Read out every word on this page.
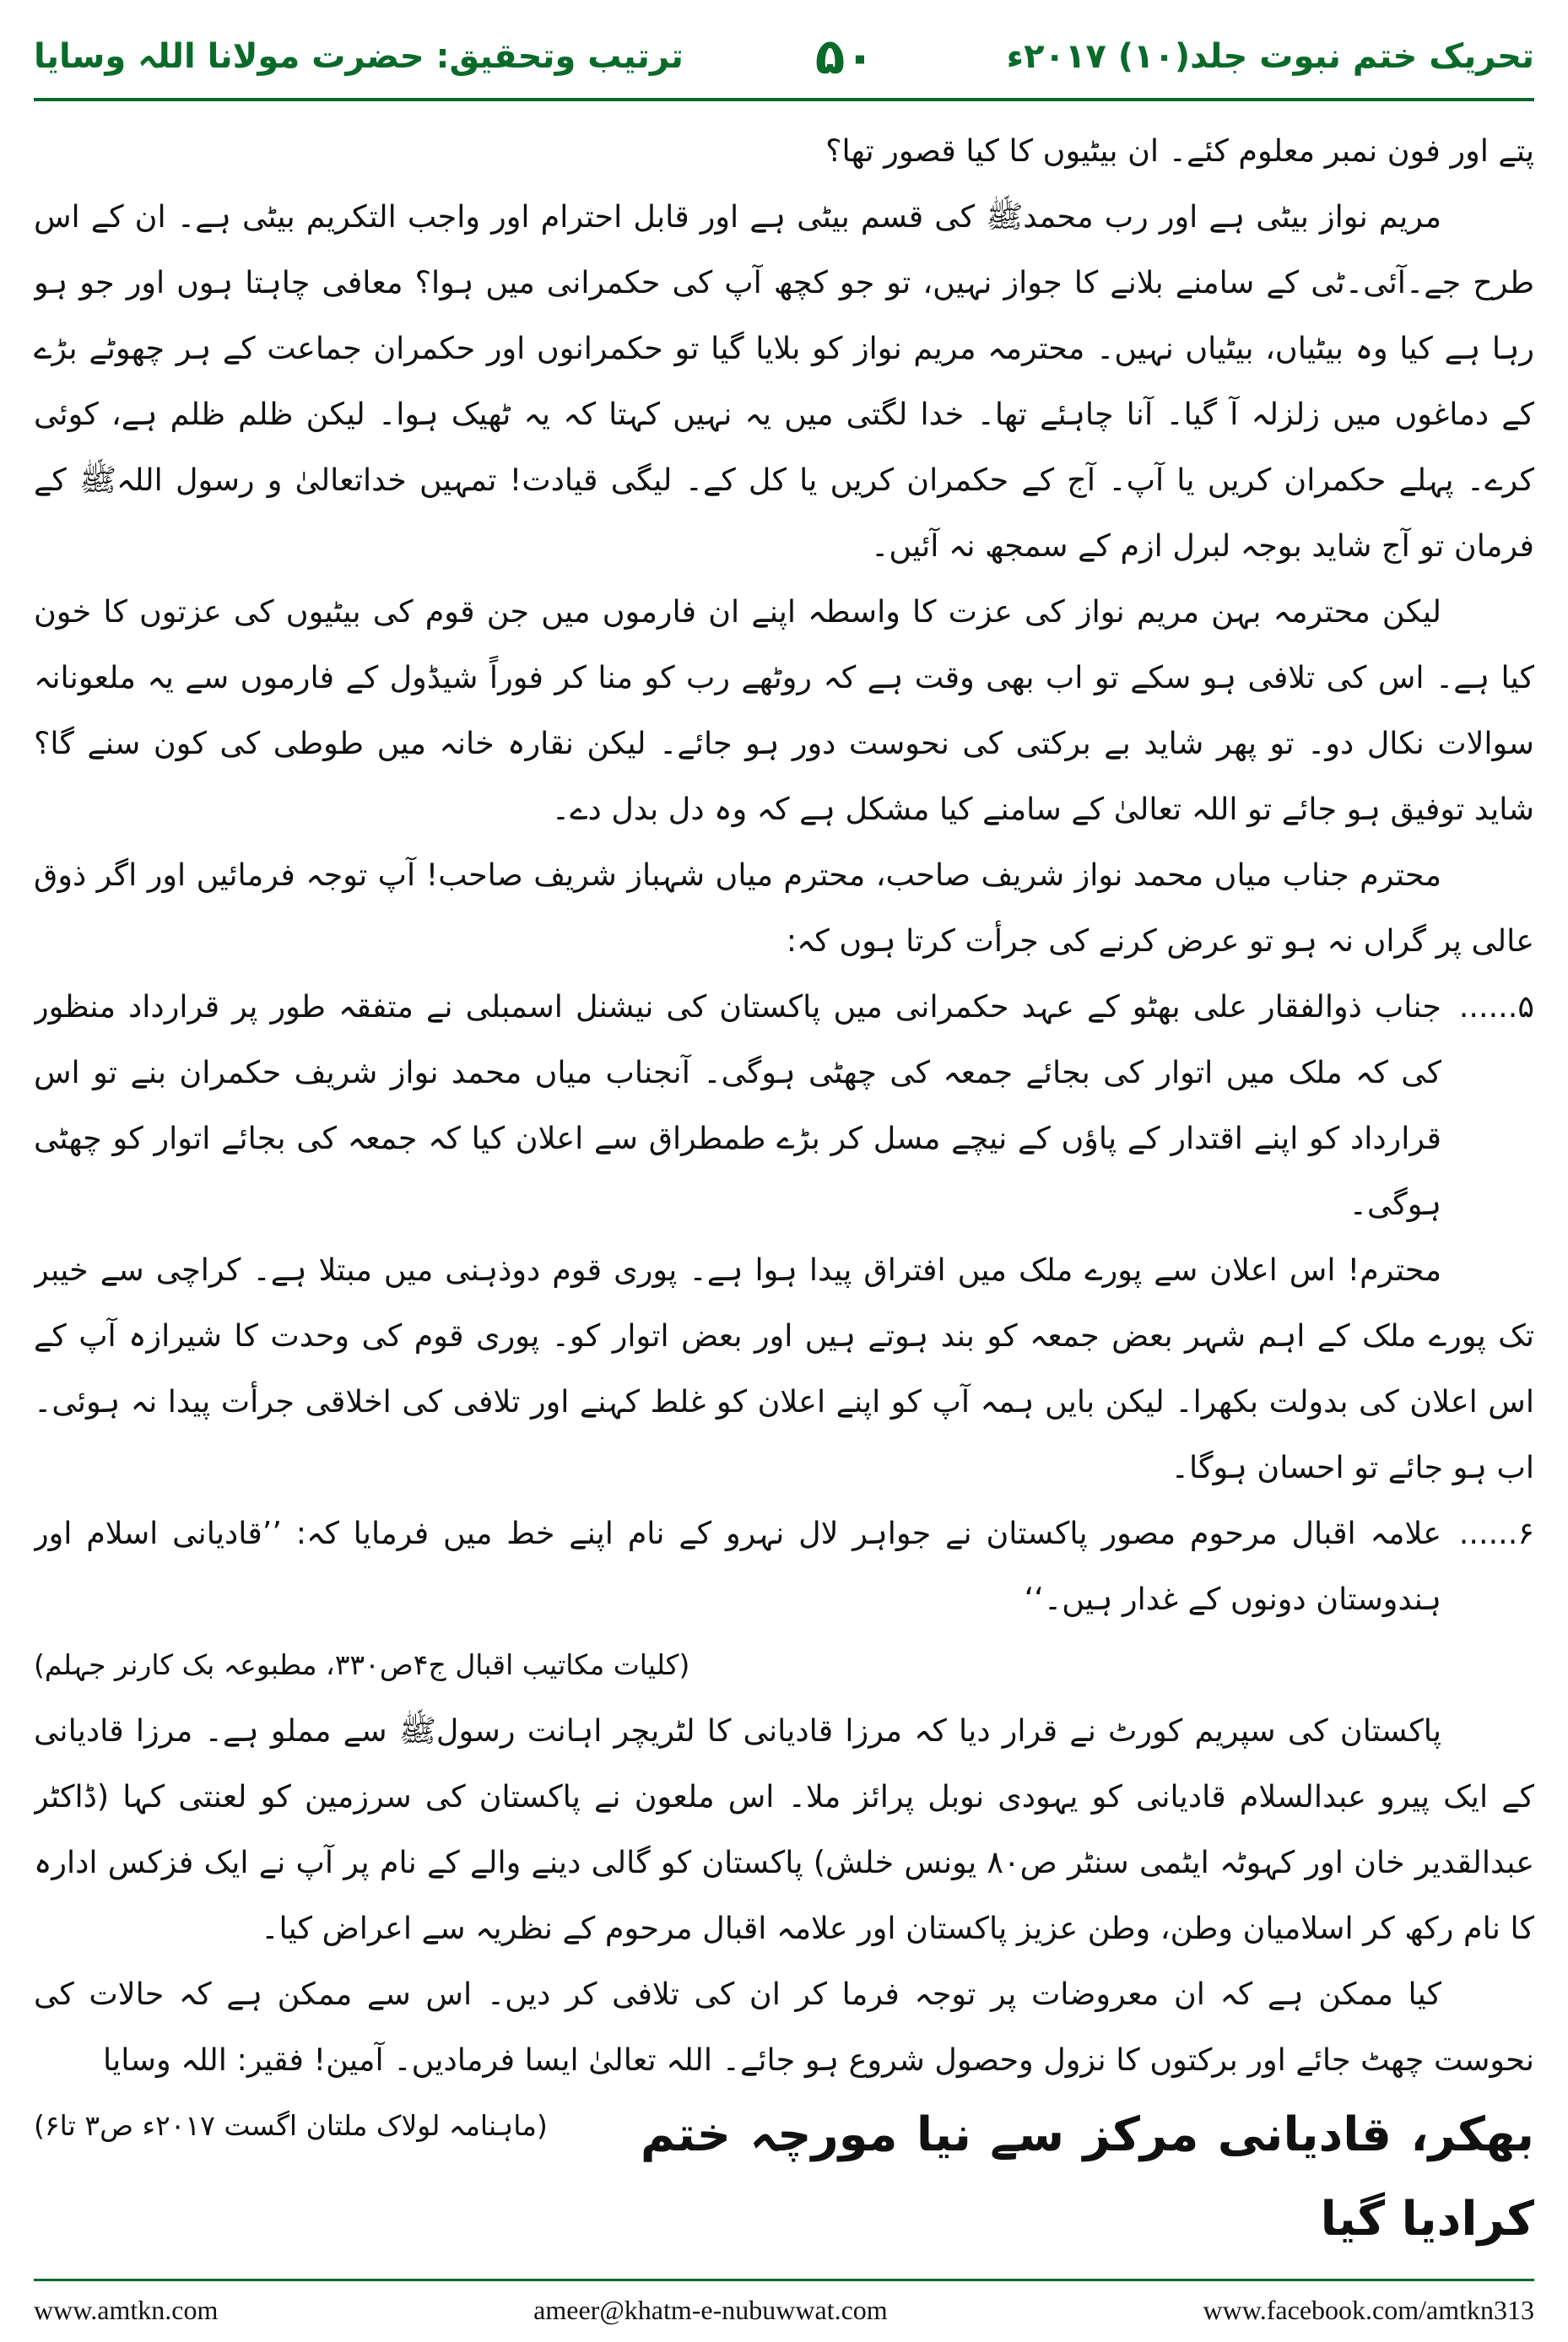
ترتیب وتحقیق: حضرت مولانا اللہ وسایا	۵۰	تحریک ختم نبوت جلد(۱۰) ۲۰۱۷ء

پتے اور فون نمبر معلوم کئے۔ ان بیٹیوں کا کیا قصور تھا؟

مریم نواز بیٹی ہے اور رب محمدﷺ کی قسم بیٹی ہے اور قابل احترام اور واجب التکریم بیٹی ہے۔ ان کے اس طرح جے۔آئی۔ٹی کے سامنے بلانے کا جواز نہیں، تو جو کچھ آپ کی حکمرانی میں ہوا؟ معافی چاہتا ہوں اور جو ہو رہا ہے کیا وہ بیٹیاں، بیٹیاں نہیں۔ محترمہ مریم نواز کو بلایا گیا تو حکمرانوں اور حکمران جماعت کے ہر چھوٹے بڑے کے دماغوں میں زلزلہ آ گیا۔ آنا چاہئے تھا۔ خدا لگتی میں یہ نہیں کہتا کہ یہ ٹھیک ہوا۔ لیکن ظلم ظلم ہے، کوئی کرے۔ پہلے حکمران کریں یا آپ۔ آج کے حکمران کریں یا کل کے۔ لیگی قیادت! تمہیں خداتعالیٰ و رسول اللہﷺ کے فرمان تو آج شاید بوجہ لبرل ازم کے سمجھ نہ آئیں۔

لیکن محترمہ بہن مریم نواز کی عزت کا واسطہ اپنے ان فارموں میں جن قوم کی بیٹیوں کی عزتوں کا خون کیا ہے۔ اس کی تلافی ہو سکے تو اب بھی وقت ہے کہ روٹھے رب کو منا کر فوراً شیڈول کے فارموں سے یہ ملعونانہ سوالات نکال دو۔ تو پھر شاید بے برکتی کی نحوست دور ہو جائے۔ لیکن نقارہ خانہ میں طوطی کی کون سنے گا؟ شاید توفیق ہو جائے تو اللہ تعالیٰ کے سامنے کیا مشکل ہے کہ وہ دل بدل دے۔

محترم جناب میاں محمد نواز شریف صاحب، محترم میاں شہباز شریف صاحب! آپ توجہ فرمائیں اور اگر ذوق عالی پر گراں نہ ہو تو عرض کرنے کی جرأت کرتا ہوں کہ:

۵......
جناب ذوالفقار علی بھٹو کے عہد حکمرانی میں پاکستان کی نیشنل اسمبلی نے متفقہ طور پر قرارداد منظور کی کہ ملک میں اتوار کی بجائے جمعہ کی چھٹی ہوگی۔ آنجناب میاں محمد نواز شریف حکمران بنے تو اس قرارداد کو اپنے اقتدار کے پاؤں کے نیچے مسل کر بڑے طمطراق سے اعلان کیا کہ جمعہ کی بجائے اتوار کو چھٹی ہوگی۔

محترم! اس اعلان سے پورے ملک میں افتراق پیدا ہوا ہے۔ پوری قوم دوذہنی میں مبتلا ہے۔ کراچی سے خیبر تک پورے ملک کے اہم شہر بعض جمعہ کو بند ہوتے ہیں اور بعض اتوار کو۔ پوری قوم کی وحدت کا شیرازہ آپ کے اس اعلان کی بدولت بکھرا۔ لیکن بایں ہمہ آپ کو اپنے اعلان کو غلط کہنے اور تلافی کی اخلاقی جرأت پیدا نہ ہوئی۔ اب ہو جائے تو احسان ہوگا۔

۶......
علامہ اقبال مرحوم مصور پاکستان نے جواہر لال نہرو کے نام اپنے خط میں فرمایا کہ: ’’قادیانی اسلام اور ہندوستان دونوں کے غدار ہیں۔‘‘
(کلیات مکاتیب اقبال ج۴ص۳۳۰، مطبوعہ بک کارنر جہلم)

پاکستان کی سپریم کورٹ نے قرار دیا کہ مرزا قادیانی کا لٹریچر اہانت رسولﷺ سے مملو ہے۔ مرزا قادیانی کے ایک پیرو عبدالسلام قادیانی کو یہودی نوبل پرائز ملا۔ اس ملعون نے پاکستان کی سرزمین کو لعنتی کہا (ڈاکٹر عبدالقدیر خان اور کہوٹہ ایٹمی سنٹر ص۸۰ یونس خلش) پاکستان کو گالی دینے والے کے نام پر آپ نے ایک فزکس ادارہ کا نام رکھ کر اسلامیان وطن، وطن عزیز پاکستان اور علامہ اقبال مرحوم کے نظریہ سے اعراض کیا۔

کیا ممکن ہے کہ ان معروضات پر توجہ فرما کر ان کی تلافی کر دیں۔ اس سے ممکن ہے کہ حالات کی نحوست چھٹ جائے اور برکتوں کا نزول وحصول شروع ہو جائے۔ اللہ تعالیٰ ایسا فرمادیں۔ آمین! فقیر: اللہ وسایا
(ماہنامہ لولاک ملتان اگست ۲۰۱۷ء ص۳ تا۶)	بھکر، قادیانی مرکز سے نیا مورچہ ختم کرادیا گیا

www.amtkn.com	ameer@khatm-e-nubuwwat.com	www.facebook.com/amtkn313
